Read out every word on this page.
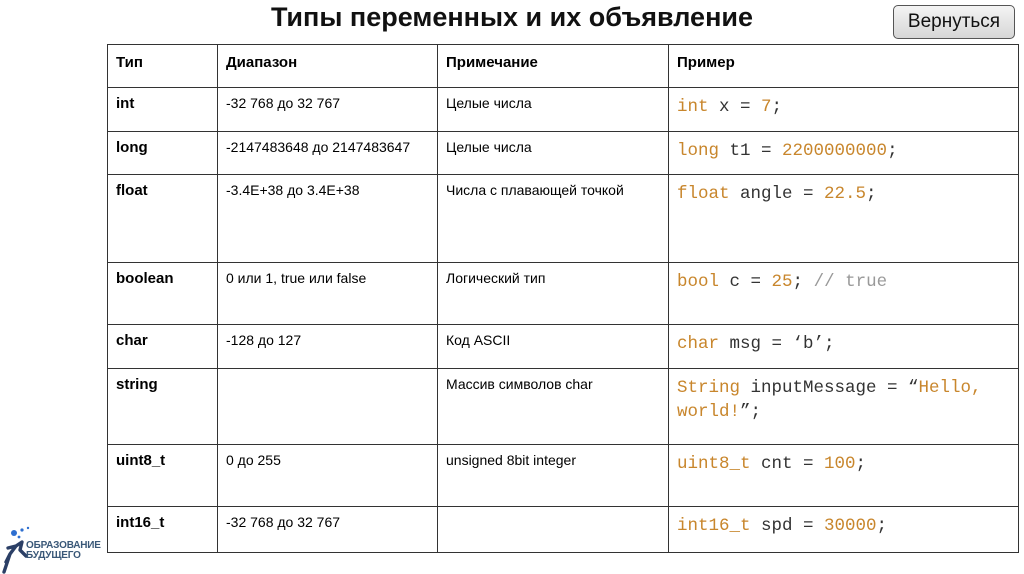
Типы переменных и их объявление	Вернуться
Тип	Диапазон	Примечание	Пример
int	-32 768 до 32 767	Целые числа	int x = 7;
long	-2147483648 до 2147483647	Целые числа	long t1 = 2200000000;
float	-3.4E+38 до 3.4E+38	Числа с плавающей точкой	float angle = 22.5;
boolean	0 или 1, true или false	Логический тип	bool c = 25; // true
char	-128 до 127	Код ASCII	char msg = ‘b’;
string		Массив символов char	String inputMessage = “Hello, world!”;
uint8_t	0 до 255	unsigned 8bit integer	uint8_t cnt = 100;
int16_t	-32 768 до 32 767		int16_t spd = 30000;
ОБРАЗОВАНИЕ
БУДУЩЕГО
